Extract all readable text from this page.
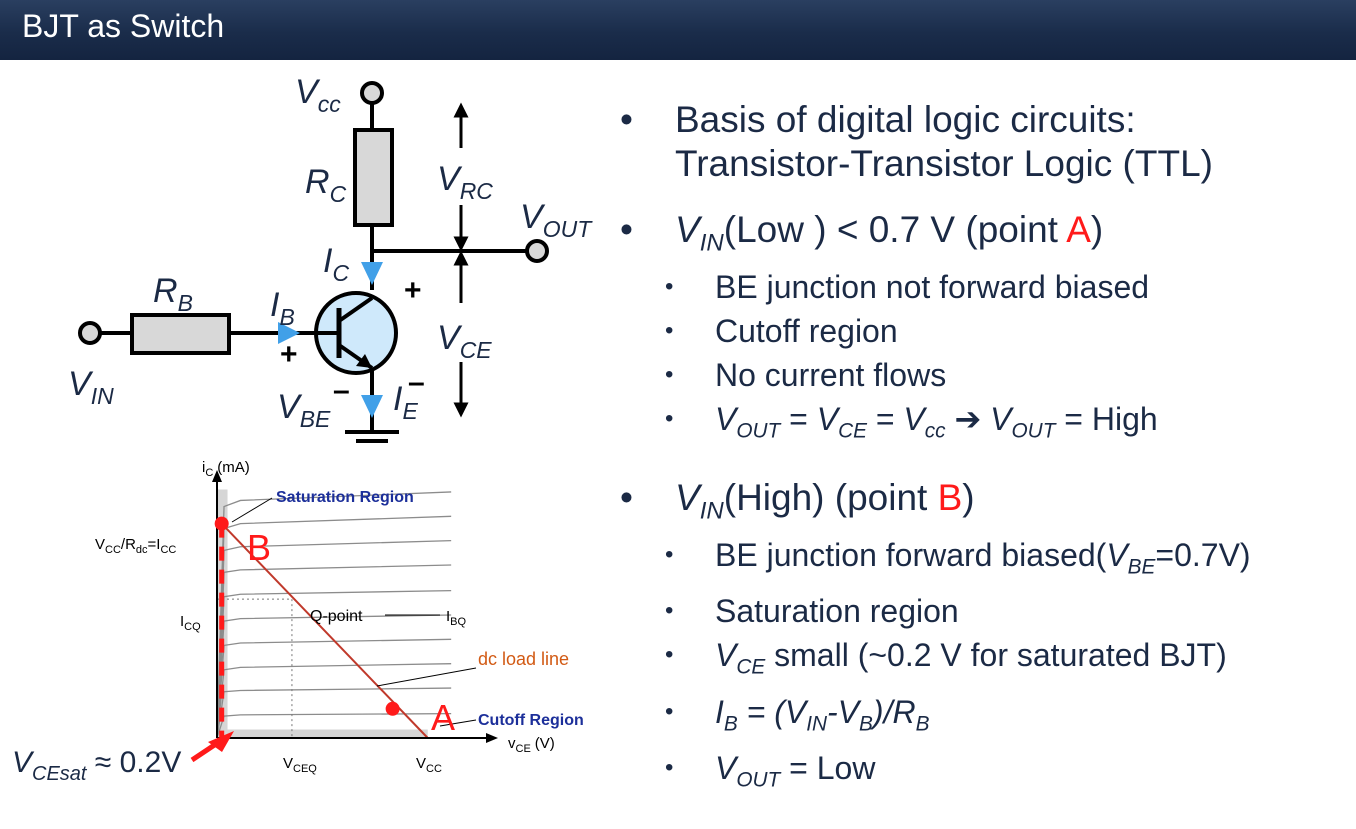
BJT as Switch
$V_{cc}$
$R_C$
$V_{OUT}$
$V_{RC}$
$V_{CE}$
+
–
$I_C$
$R_B$ $I_B$
$V_{IN}$
+
–
$V_{BE}$
$I_E$
$i_C$ (mA)
$v_{CE}$ (V)
$V_{CC}/R_{dc}=I_{CC}$
$I_{CQ}$
$V_{CEQ}$	$V_{CC}$
Saturation Region
Cutoff Region
Q-point	$I_{BQ}$
dc load line
A
B
$V_{CEsat} \approx 0.2V$
• Basis of digital logic circuits:
Transistor-Transistor Logic (TTL)
• $V_{IN}(Low$ ) < 0.7 V (point A)
• BE junction not forward biased
• Cutoff region
• No current flows
• $V_{OUT} = V_{CE} = V_{cc}$ ➔ $V_{OUT}$ = High
• $V_{IN}(High)$ (point B)
• BE junction forward $biased(V_{BE}=0.7V)$
• Saturation region
• $V_{CE}$ small (~0.2 V for saturated BJT)
• $I_B = (V_{IN}-V_B)/R_B$
• $V_{OUT}$ = Low
